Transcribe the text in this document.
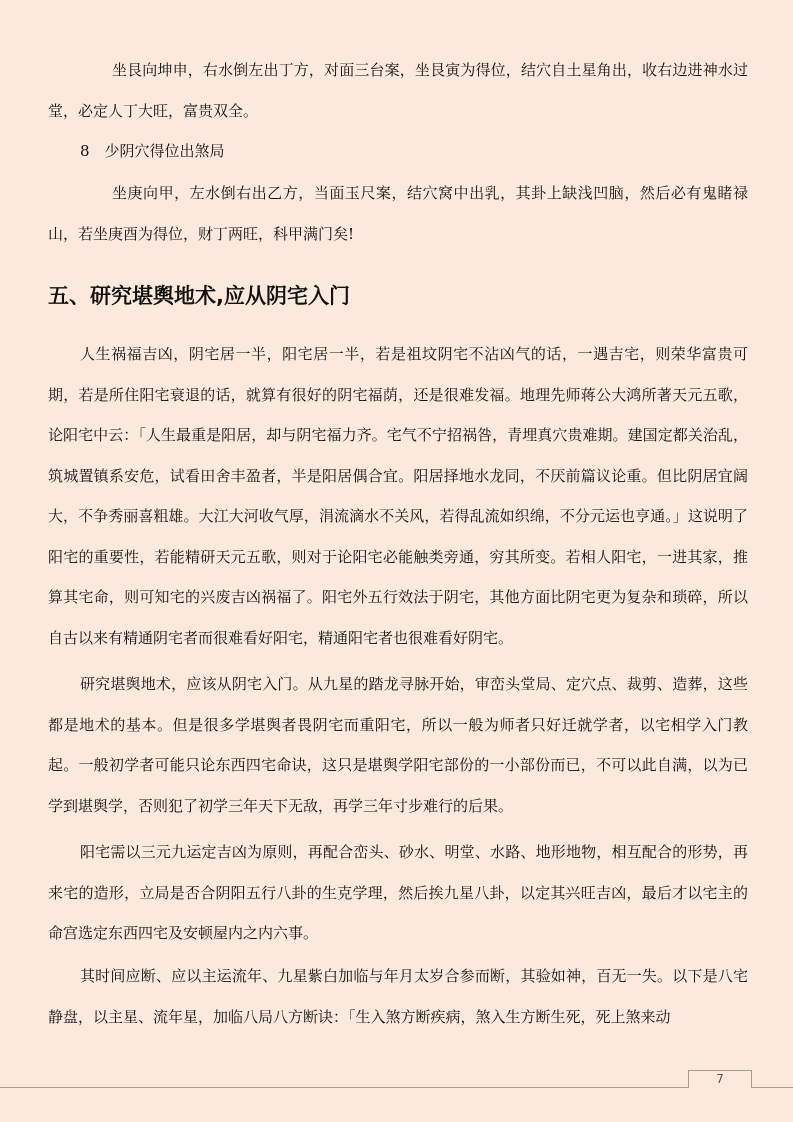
坐艮向坤申，右水倒左出丁方，对面三台案，坐艮寅为得位，结穴自土星角出，收右边进神水过堂，必定人丁大旺，富贵双全。

8　少阴穴得位出煞局

坐庚向甲，左水倒右出乙方，当面玉尺案，结穴窝中出乳，其卦上缺浅凹脑，然后必有鬼睹禄山，若坐庚酉为得位，财丁两旺，科甲满门矣!

五、研究堪舆地术,应从阴宅入门

人生祸福吉凶，阴宅居一半，阳宅居一半，若是祖坟阴宅不沾凶气的话，一遇吉宅，则荣华富贵可期，若是所住阳宅衰退的话，就算有很好的阴宅福荫，还是很难发福。地理先师蒋公大鸿所著天元五歌，论阳宅中云：「人生最重是阳居，却与阴宅福力齐。宅气不宁招祸咎，青埋真穴贵难期。建国定都关治乱，筑城置镇系安危，试看田舍丰盈者，半是阳居偶合宜。阳居择地水龙同，不厌前篇议论重。但比阴居宜阔大，不争秀丽喜粗雄。大江大河收气厚，涓流滴水不关风，若得乱流如织绵，不分元运也亨通。」这说明了阳宅的重要性，若能精研天元五歌，则对于论阳宅必能触类旁通，穷其所变。若相人阳宅，一进其家，推算其宅命，则可知宅的兴废吉凶祸福了。阳宅外五行效法于阴宅，其他方面比阴宅更为复杂和琐碎，所以自古以来有精通阴宅者而很难看好阳宅，精通阳宅者也很难看好阴宅。

研究堪舆地术，应该从阴宅入门。从九星的踏龙寻脉开始，审峦头堂局、定穴点、裁剪、造葬，这些都是地术的基本。但是很多学堪舆者畏阴宅而重阳宅，所以一般为师者只好迁就学者，以宅相学入门教起。一般初学者可能只论东西四宅命诀，这只是堪舆学阳宅部份的一小部份而已，不可以此自满，以为已学到堪舆学，否则犯了初学三年天下无敌，再学三年寸步难行的后果。

阳宅需以三元九运定吉凶为原则，再配合峦头、砂水、明堂、水路、地形地物，相互配合的形势，再来宅的造形，立局是否合阴阳五行八卦的生克学理，然后挨九星八卦，以定其兴旺吉凶，最后才以宅主的命宫选定东西四宅及安顿屋内之内六事。

其时间应断、应以主运流年、九星紫白加临与年月太岁合参而断，其验如神，百无一失。以下是八宅静盘，以主星、流年星，加临八局八方断诀：「生入煞方断疾病，煞入生方断生死，死上煞来动

7
